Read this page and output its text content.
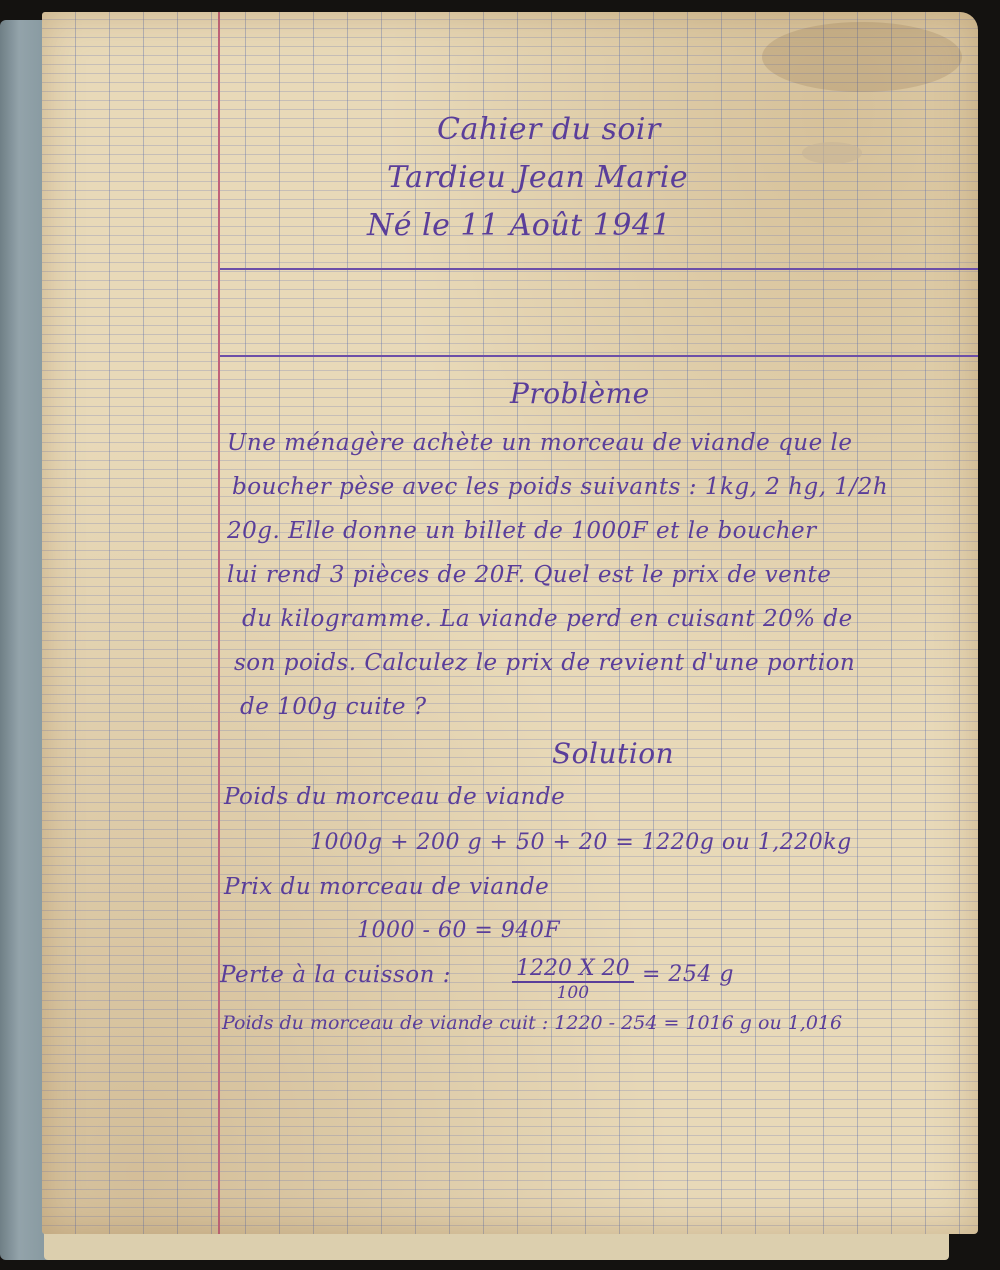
Cahier du soir
Tardieu Jean Marie
Né le 11 Août 1941
Problème
Une ménagère achète un morceau de viande que le
boucher pèse avec les poids suivants : 1kg, 2 hg, 1/2h
20g. Elle donne un billet de 1000F et le boucher
lui rend 3 pièces de 20F. Quel est le prix de vente
du kilogramme. La viande perd en cuisant 20% de
son poids. Calculez le prix de revient d'une portion
de 100g cuite ?
Solution
Poids du morceau de viande
1000g + 200 g + 50 + 20 = 1220g ou 1,220kg
Prix du morceau de viande
1000 - 60 = 940F
Perte à la cuisson :	1220 X 20
100
= 254 g
Poids du morceau de viande cuit : 1220 - 254 = 1016 g ou 1,016
